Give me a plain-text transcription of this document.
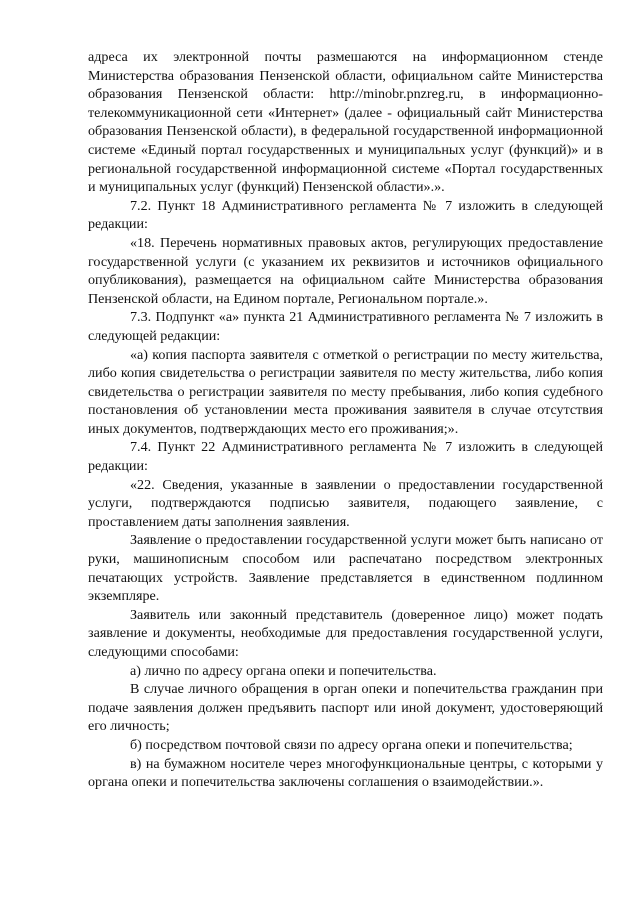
адреса их электронной почты размешаются на информационном стенде Министерства образования Пензенской области, официальном сайте Министерства образования Пензенской области: http://minobr.pnzreg.ru, в информационно-телекоммуникационной сети «Интернет» (далее - официальный сайт Министерства образования Пензенской области), в федеральной государственной информационной системе «Единый портал государственных и муниципальных услуг (функций)» и в региональной государственной информационной системе «Портал государственных и муниципальных услуг (функций) Пензенской области».».

7.2. Пункт 18 Административного регламента № 7 изложить в следующей редакции:

«18. Перечень нормативных правовых актов, регулирующих предоставление государственной услуги (с указанием их реквизитов и источников официального опубликования), размещается на официальном сайте Министерства образования Пензенской области, на Едином портале, Региональном портале.».

7.3. Подпункт «а» пункта 21 Административного регламента № 7 изложить в следующей редакции:

«а) копия паспорта заявителя с отметкой о регистрации по месту жительства, либо копия свидетельства о регистрации заявителя по месту жительства, либо копия свидетельства о регистрации заявителя по месту пребывания, либо копия судебного постановления об установлении места проживания заявителя в случае отсутствия иных документов, подтверждающих место его проживания;».

7.4. Пункт 22 Административного регламента № 7 изложить в следующей редакции:

«22. Сведения, указанные в заявлении о предоставлении государственной услуги, подтверждаются подписью заявителя, подающего заявление, с проставлением даты заполнения заявления.

Заявление о предоставлении государственной услуги может быть написано от руки, машинописным способом или распечатано посредством электронных печатающих устройств. Заявление представляется в единственном подлинном экземпляре.

Заявитель или законный представитель (доверенное лицо) может подать заявление и документы, необходимые для предоставления государственной услуги, следующими способами:

а) лично по адресу органа опеки и попечительства.

В случае личного обращения в орган опеки и попечительства гражданин при подаче заявления должен предъявить паспорт или иной документ, удостоверяющий его личность;

б) посредством почтовой связи по адресу органа опеки и попечительства;

в) на бумажном носителе через многофункциональные центры, с которыми у органа опеки и попечительства заключены соглашения о взаимодействии.».
